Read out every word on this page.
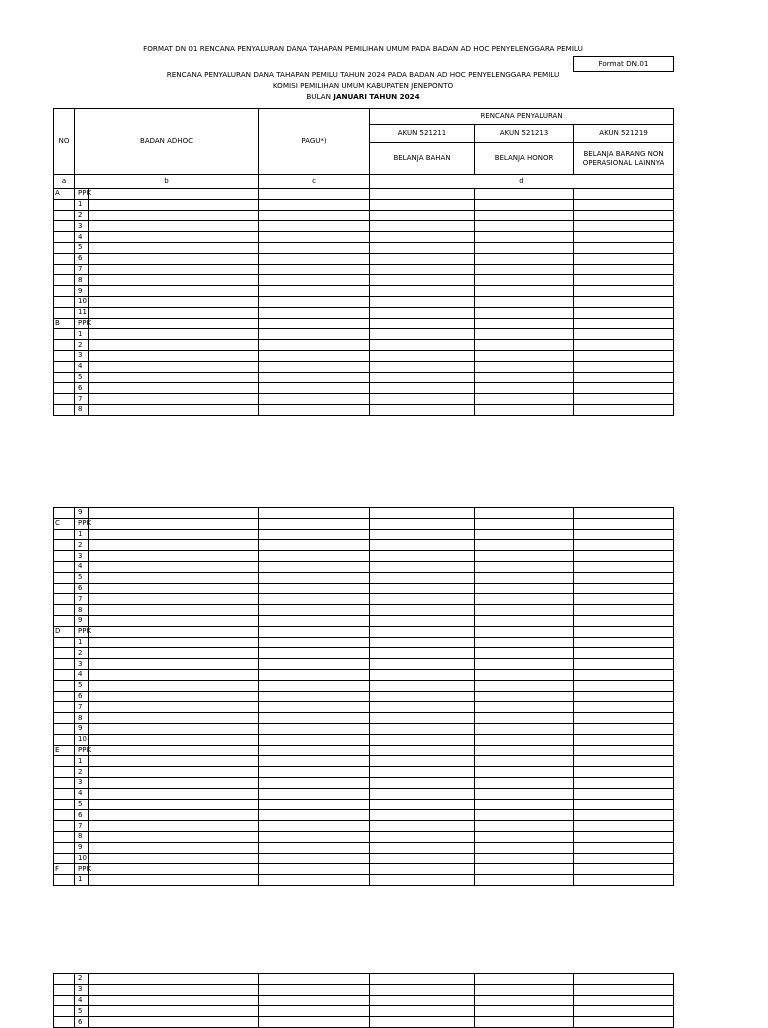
FORMAT DN 01 RENCANA PENYALURAN DANA TAHAPAN PEMILIHAN UMUM PADA BADAN AD HOC PENYELENGGARA PEMILU
Format DN.01
RENCANA PENYALURAN DANA TAHAPAN PEMILU TAHUN 2024 PADA BADAN AD HOC PENYELENGGARA PEMILU
KOMISI PEMILIHAN UMUM KABUPATEN JENEPONTO
BULAN JANUARI TAHUN 2024
NO	BADAN ADHOC		PAGU*)	RENCANA PENYALURAN		
				AKUN 521211	AKUN 521213	AKUN 521219
				BELANJA BAHAN	BELANJA HONOR	BELANJA BARANG NON OPERASIONAL LAINNYA
a	b		c	d		
A	PPK					
	1					
	2					
	3					
	4					
	5					
	6					
	7					
	8					
	9					
	10					
	11					
B	PPK					
	1					
	2					
	3					
	4					
	5					
	6					
	7					
	8					
	9					
C	PPK					
	1					
	2					
	3					
	4					
	5					
	6					
	7					
	8					
	9					
D	PPK					
	1					
	2					
	3					
	4					
	5					
	6					
	7					
	8					
	9					
	10					
E	PPK					
	1					
	2					
	3					
	4					
	5					
	6					
	7					
	8					
	9					
	10					
F	PPK					
	1					
	2					
	3					
	4					
	5					
	6					
